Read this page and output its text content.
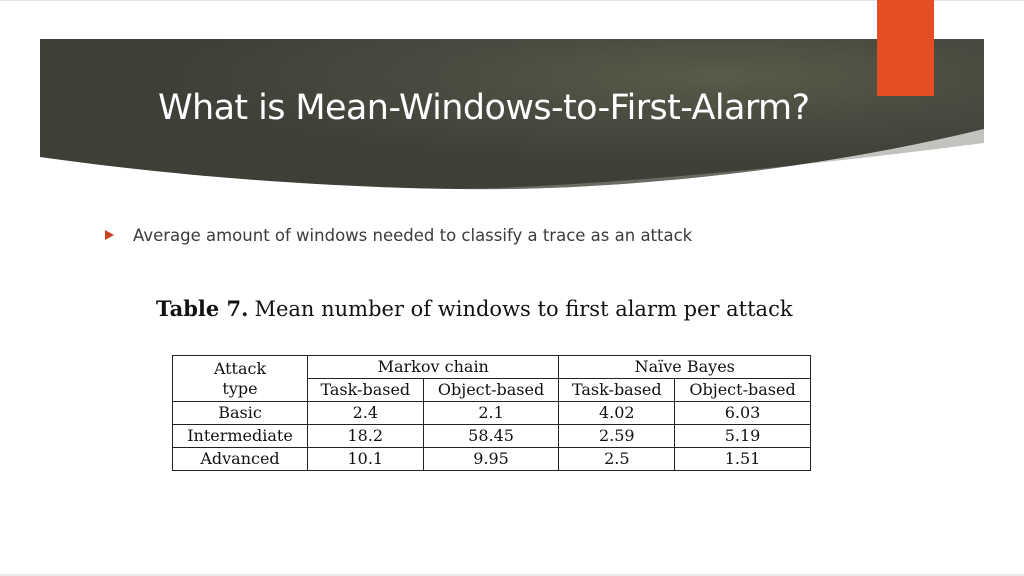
What is Mean-Windows-to-First-Alarm?
Average amount of windows needed to classify a trace as an attack
Table 7. Mean number of windows to first alarm per attack
Attack
type	Markov chain		Naïve Bayes	
	Task-based	Object-based	Task-based	Object-based
Basic	2.4	2.1	4.02	6.03
Intermediate	18.2	58.45	2.59	5.19
Advanced	10.1	9.95	2.5	1.51
